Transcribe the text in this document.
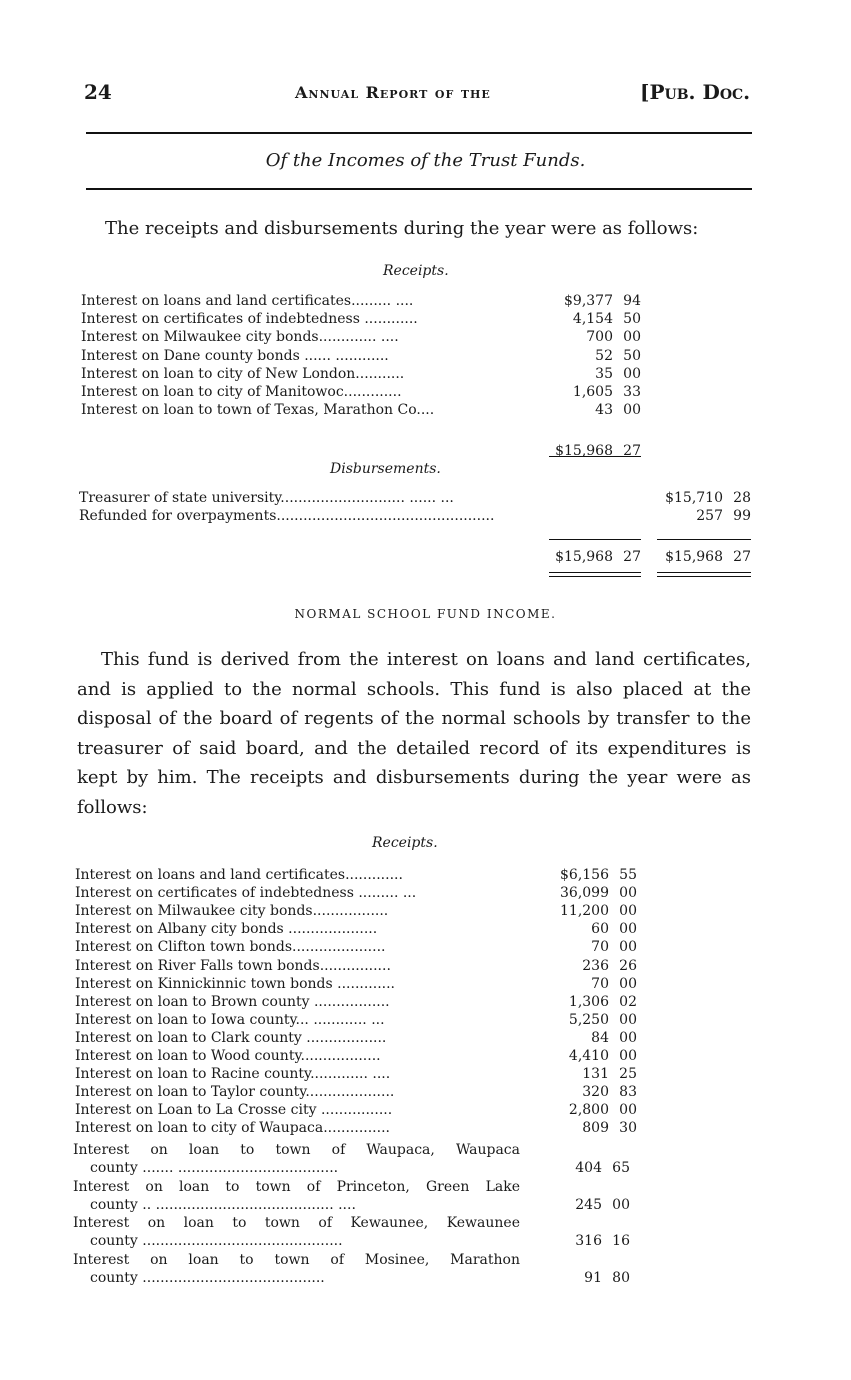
24	Annual Report of the	[Pub. Doc.
Of the Incomes of the Trust Funds.
The receipts and disbursements during the year were as follows:
Receipts.
Interest on loans and land certificates......... ....	$9,377 94
Interest on certificates of indebtedness ............	4,154 50
Interest on Milwaukee city bonds............. ....	700 00
Interest on Dane county bonds ...... ............	52 50
Interest on loan to city of New London...........	35 00
Interest on loan to city of Manitowoc.............	1,605 33
Interest on loan to town of Texas, Marathon Co....	43 00
$15,968 27
Disbursements.
Treasurer of state university............................ ...... ...	$15,710 28
Refunded for overpayments.................................................	257 99
$15,968 27 $15,968 27
NORMAL SCHOOL FUND INCOME.
This fund is derived from the interest on loans and land certificates, and is applied to the normal schools. This fund is also placed at the disposal of the board of regents of the normal schools by transfer to the treasurer of said board, and the detailed record of its expenditures is kept by him. The receipts and disbursements during the year were as follows:
Receipts.
Interest on loans and land certificates.............	$6,156 55
Interest on certificates of indebtedness ......... ...	36,099 00
Interest on Milwaukee city bonds.................	11,200 00
Interest on Albany city bonds ....................	60 00
Interest on Clifton town bonds.....................	70 00
Interest on River Falls town bonds................	236 26
Interest on Kinnickinnic town bonds .............	70 00
Interest on loan to Brown county .................	1,306 02
Interest on loan to Iowa county... ............ ...	5,250 00
Interest on loan to Clark county ..................	84 00
Interest on loan to Wood county..................	4,410 00
Interest on loan to Racine county............. ....	131 25
Interest on loan to Taylor county....................	320 83
Interest on Loan to La Crosse city ................	2,800 00
Interest on loan to city of Waupaca...............	809 30
Interest on loan to town of Waupaca, Waupaca
county ....... ....................................	404 65
Interest on loan to town of Princeton, Green Lake
county .. ........................................ ....	245 00
Interest on loan to town of Kewaunee, Kewaunee
county .............................................	316 16
Interest on loan to town of Mosinee, Marathon
county .........................................	91 80
